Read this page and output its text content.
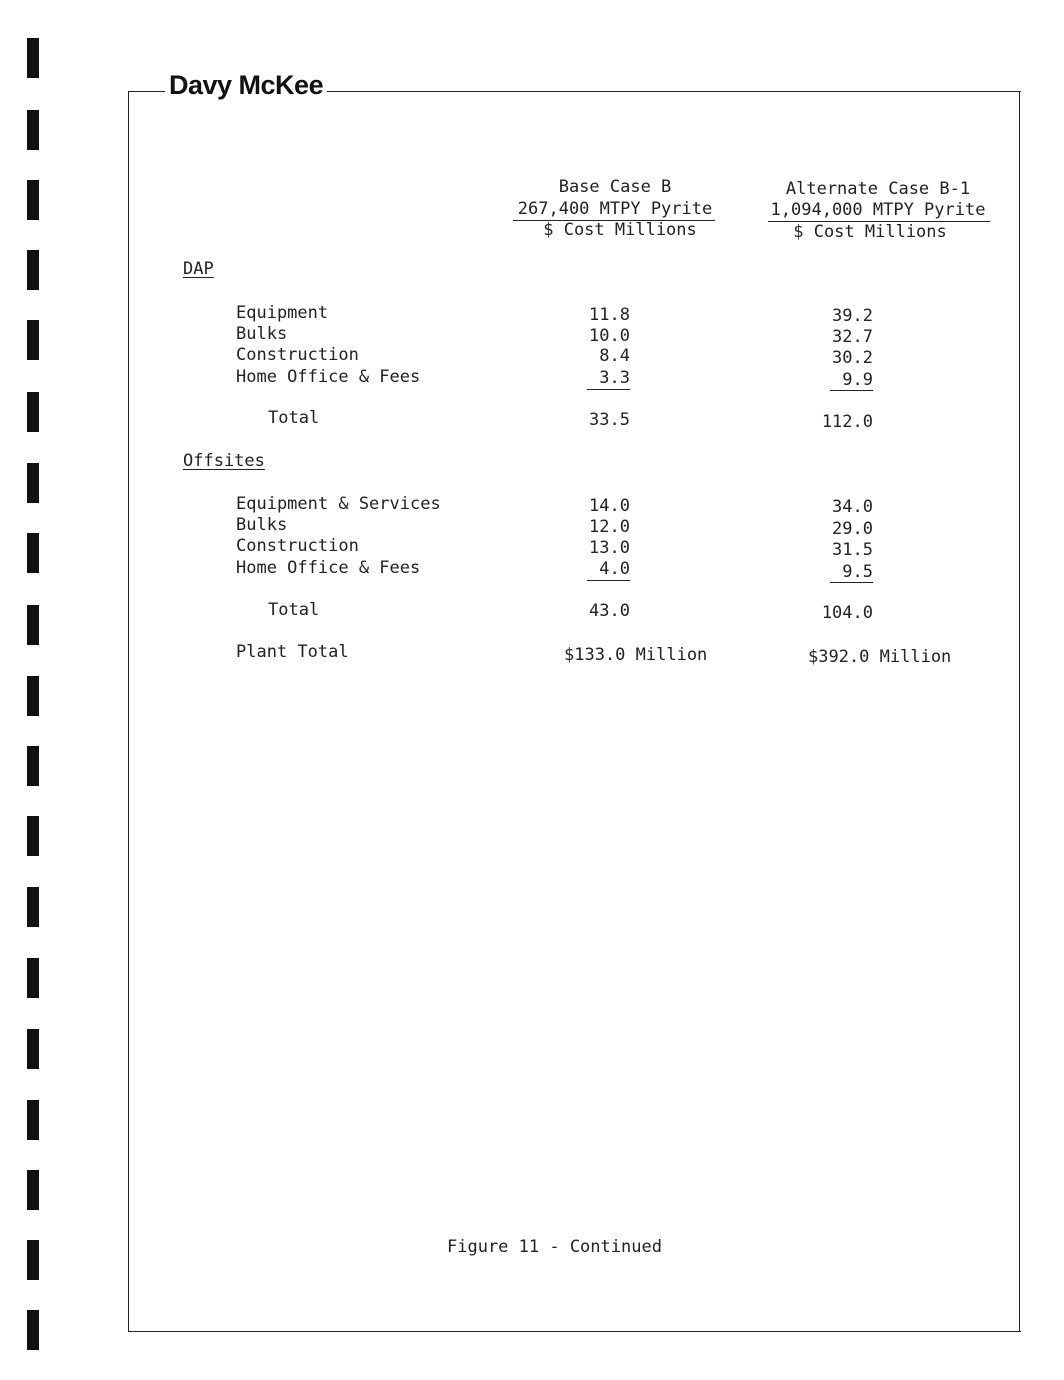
Davy McKee
Base Case B
267,400 MTPY Pyrite
$ Cost Millions
Alternate Case B-1
1,094,000 MTPY Pyrite
$ Cost Millions
DAP
Equipment	11.8	39.2
Bulks	10.0	32.7
Construction	8.4	30.2
Home Office & Fees	3.3	9.9
Total	33.5	112.0
Offsites
Equipment & Services	14.0	34.0
Bulks	12.0	29.0
Construction	13.0	31.5
Home Office & Fees	4.0	9.5
Total	43.0	104.0
Plant Total	$133.0 Million	$392.0 Million
Figure 11 - Continued
